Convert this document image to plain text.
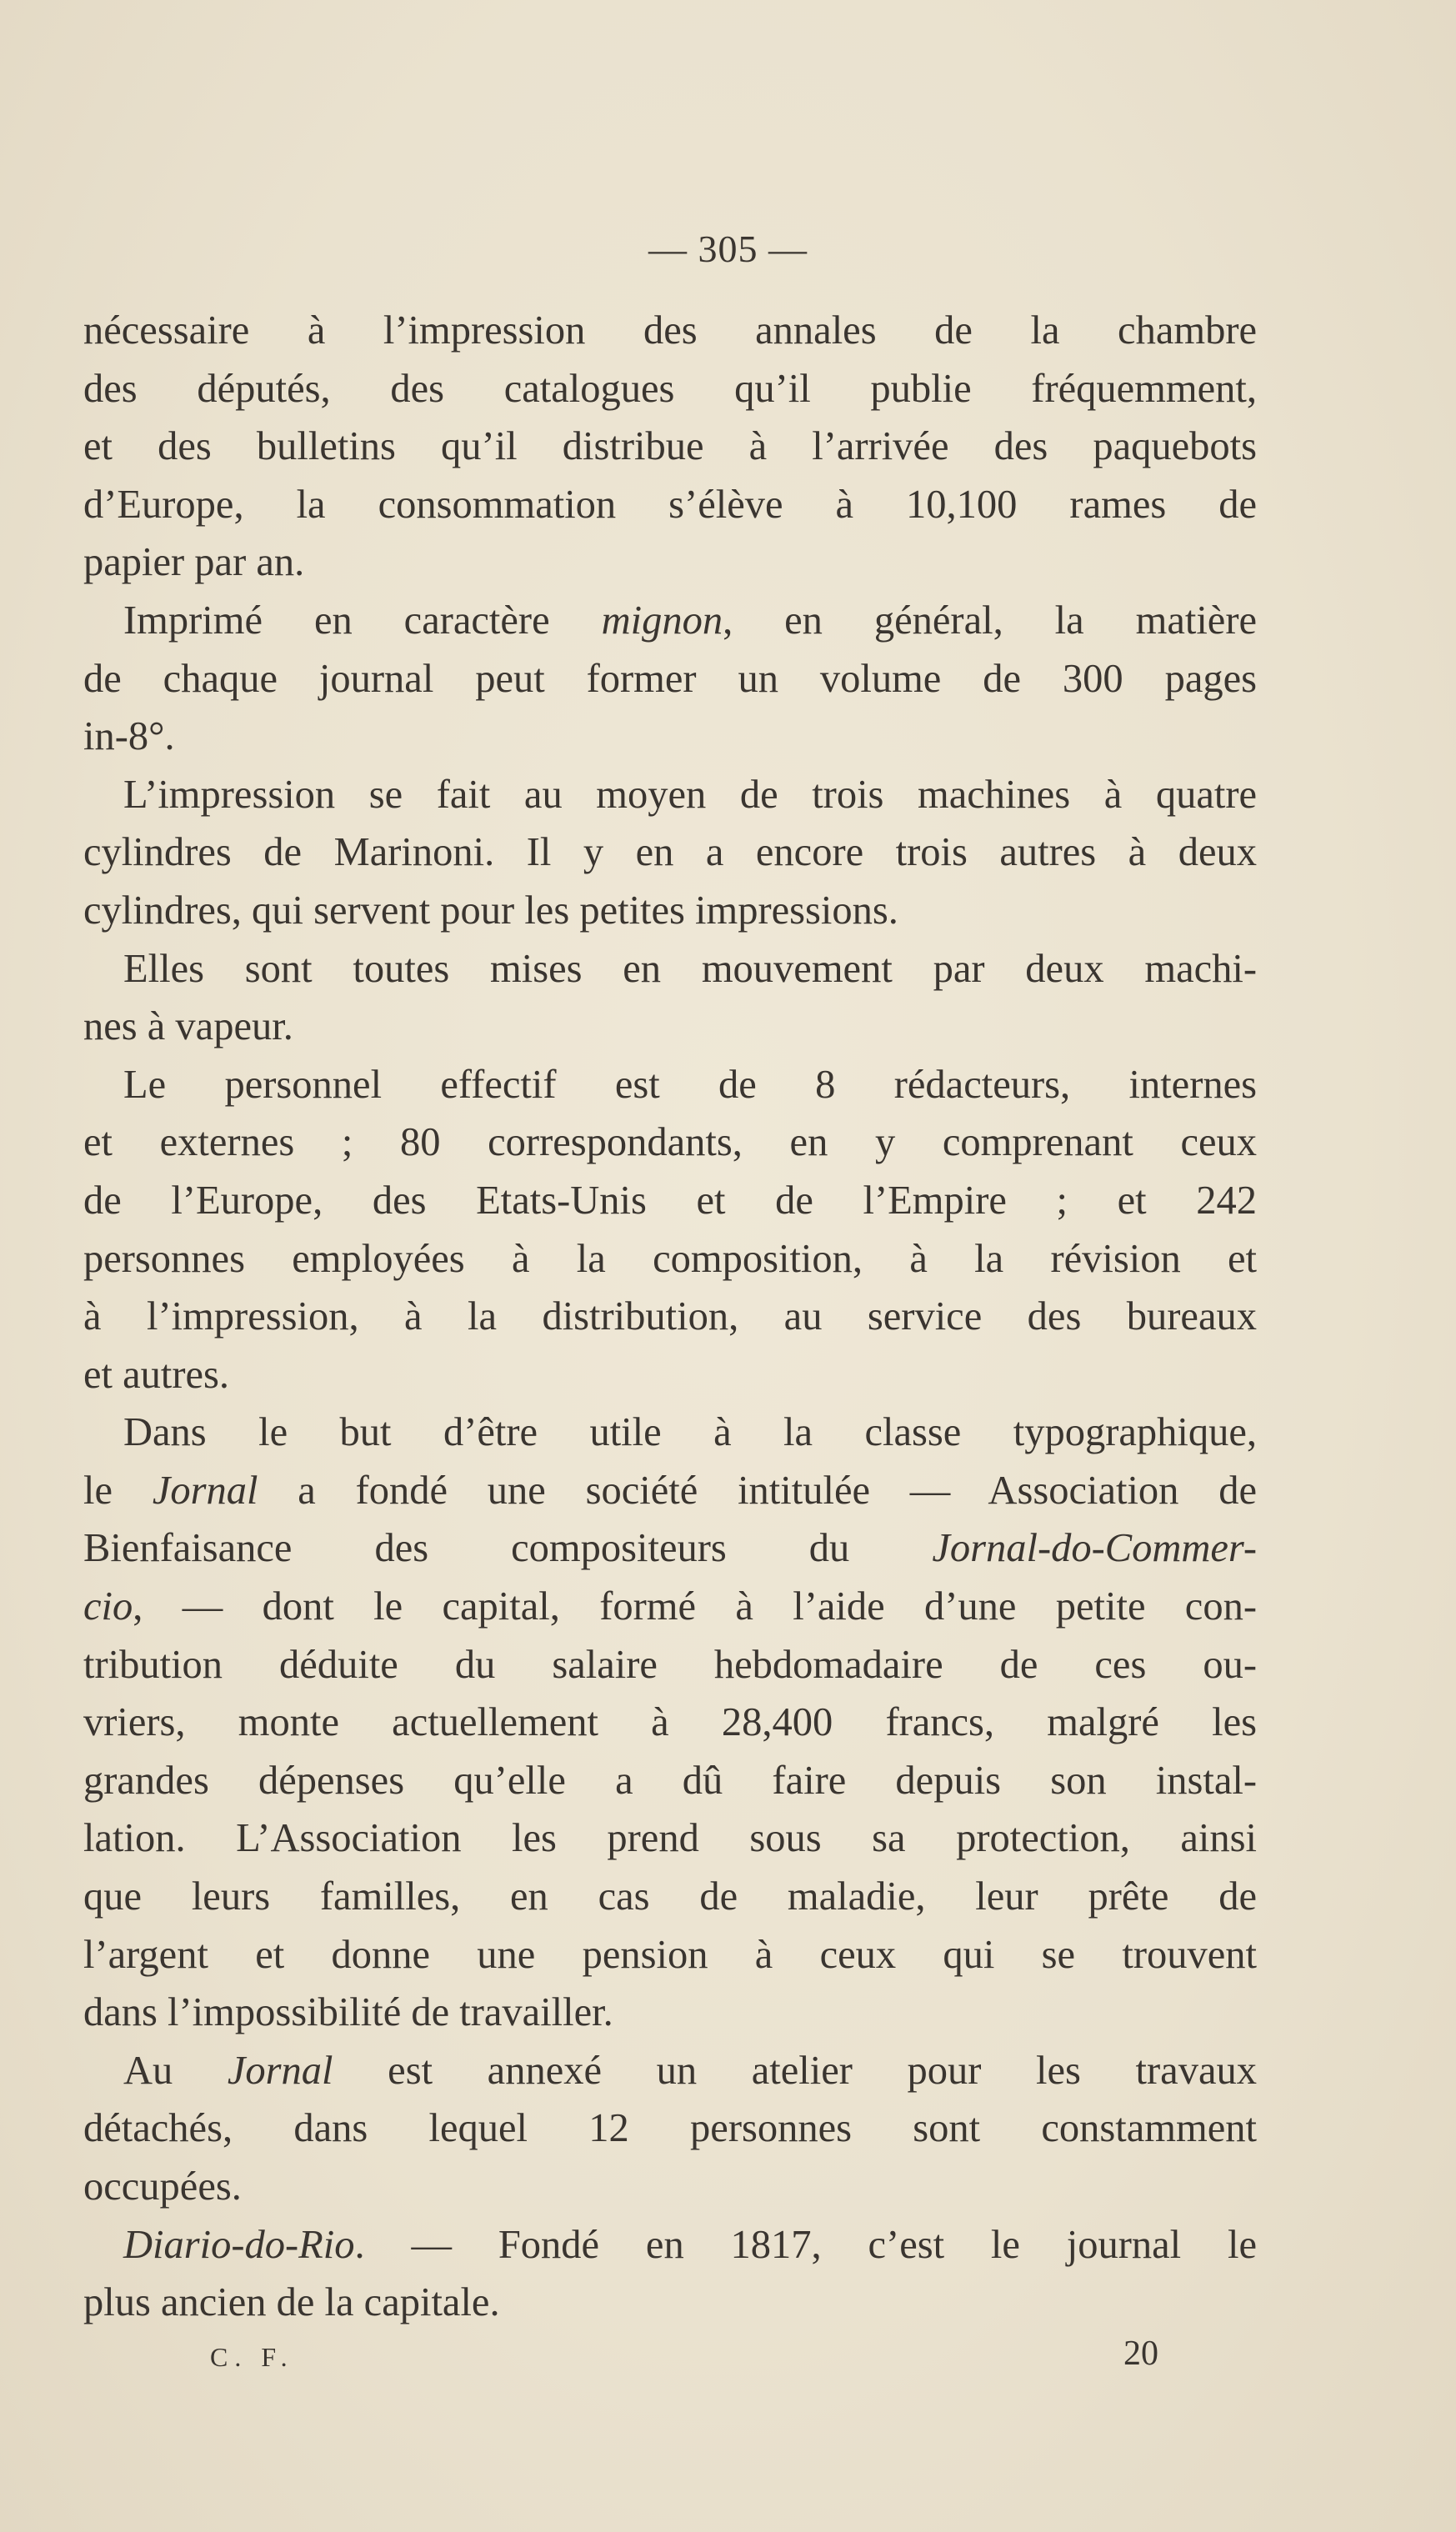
— 305 —
nécessaire à l’impression des annales de la chambre
des députés, des catalogues qu’il publie fréquemment,
et des bulletins qu’il distribue à l’arrivée des paquebots
d’Europe, la consommation s’élève à 10,100 rames de
papier par an.
Imprimé en caractère mignon, en général, la matière
de chaque journal peut former un volume de 300 pages
in-8°.
L’impression se fait au moyen de trois machines à quatre
cylindres de Marinoni. Il y en a encore trois autres à deux
cylindres, qui servent pour les petites impressions.
Elles sont toutes mises en mouvement par deux machi-
nes à vapeur.
Le personnel effectif est de 8 rédacteurs, internes
et externes ; 80 correspondants, en y comprenant ceux
de l’Europe, des Etats-Unis et de l’Empire ; et 242
personnes employées à la composition, à la révision et
à l’impression, à la distribution, au service des bureaux
et autres.
Dans le but d’être utile à la classe typographique,
le Jornal a fondé une société intitulée — Association de
Bienfaisance des compositeurs du Jornal-do-Commer-
cio, — dont le capital, formé à l’aide d’une petite con-
tribution déduite du salaire hebdomadaire de ces ou-
vriers, monte actuellement à 28,400 francs, malgré les
grandes dépenses qu’elle a dû faire depuis son instal-
lation. L’Association les prend sous sa protection, ainsi
que leurs familles, en cas de maladie, leur prête de
l’argent et donne une pension à ceux qui se trouvent
dans l’impossibilité de travailler.
Au Jornal est annexé un atelier pour les travaux
détachés, dans lequel 12 personnes sont constamment
occupées.
Diario-do-Rio. — Fondé en 1817, c’est le journal le
plus ancien de la capitale.
C. F.	20
